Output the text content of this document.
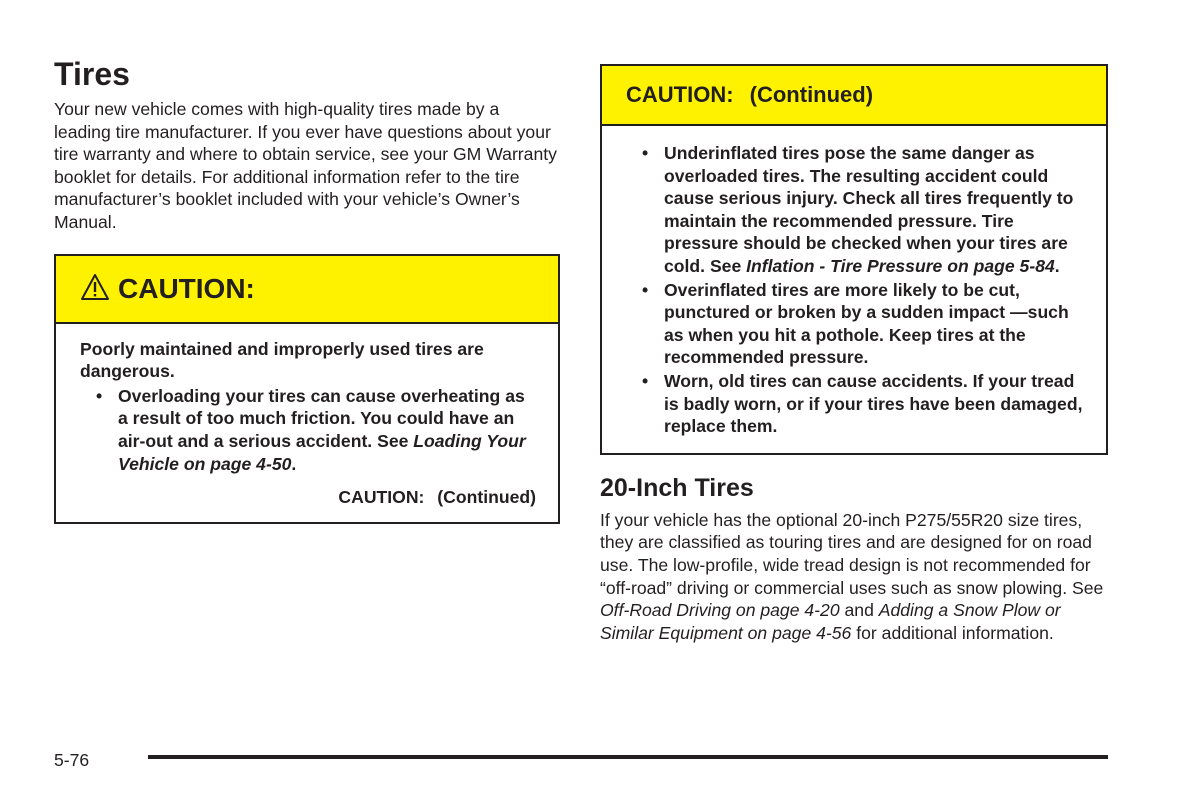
Tires

Your new vehicle comes with high-quality tires made by a leading tire manufacturer. If you ever have questions about your tire warranty and where to obtain service, see your GM Warranty booklet for details. For additional information refer to the tire manufacturer’s booklet included with your vehicle’s Owner’s Manual.

CAUTION:
Poorly maintained and improperly used tires are dangerous.
• Overloading your tires can cause overheating as a result of too much friction. You could have an air-out and a serious accident. See Loading Your Vehicle on page 4-50.
CAUTION: (Continued)
CAUTION: (Continued)
• Underinflated tires pose the same danger as overloaded tires. The resulting accident could cause serious injury. Check all tires frequently to maintain the recommended pressure. Tire pressure should be checked when your tires are cold. See Inflation - Tire Pressure on page 5-84.
• Overinflated tires are more likely to be cut, punctured or broken by a sudden impact —such as when you hit a pothole. Keep tires at the recommended pressure.
• Worn, old tires can cause accidents. If your tread is badly worn, or if your tires have been damaged, replace them.
20-Inch Tires

If your vehicle has the optional 20-inch P275/55R20 size tires, they are classified as touring tires and are designed for on road use. The low-profile, wide tread design is not recommended for “off-road” driving or commercial uses such as snow plowing. See Off-Road Driving on page 4-20 and Adding a Snow Plow or Similar Equipment on page 4-56 for additional information.

5-76
